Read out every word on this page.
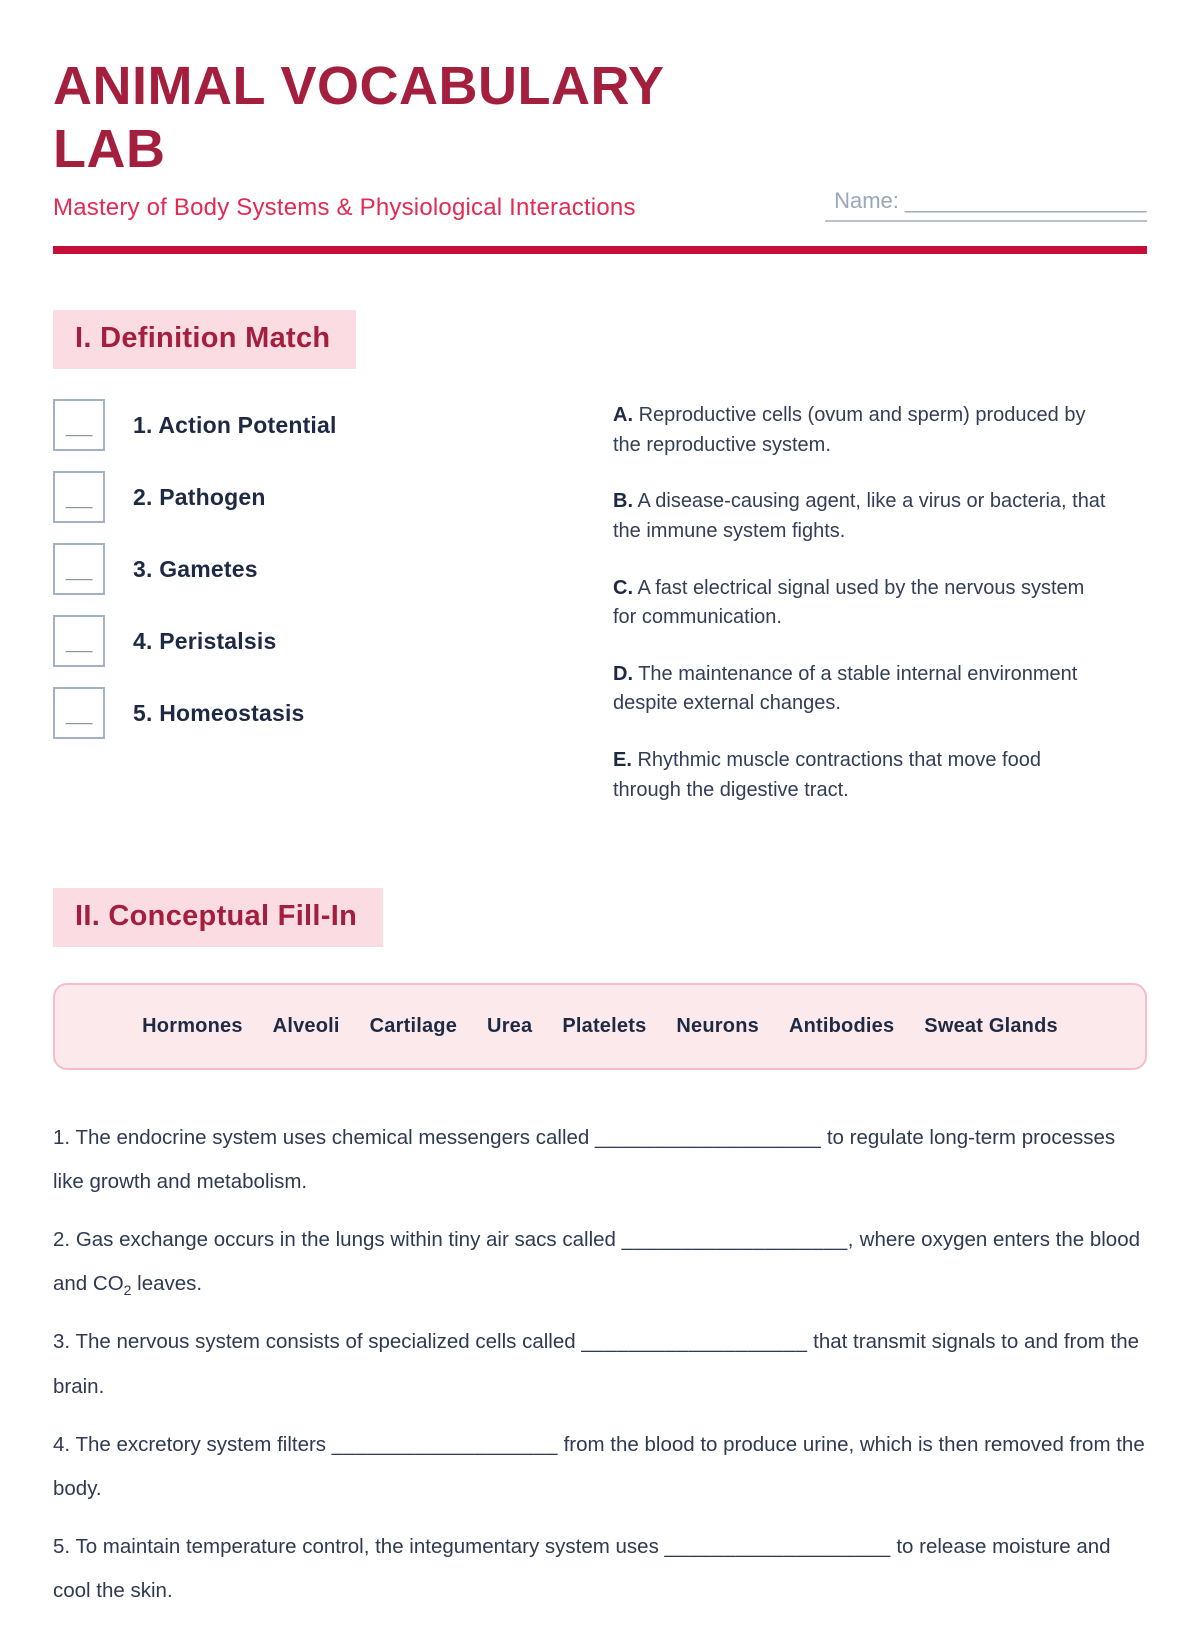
ANIMAL VOCABULARY
LAB
Mastery of Body Systems & Physiological Interactions	Name: ___________________
I. Definition Match
___ 1. Action Potential
___ 2. Pathogen
___ 3. Gametes
___ 4. Peristalsis
___ 5. Homeostasis

A. Reproductive cells (ovum and sperm) produced by the reproductive system.

B. A disease-causing agent, like a virus or bacteria, that the immune system fights.

C. A fast electrical signal used by the nervous system for communication.

D. The maintenance of a stable internal environment despite external changes.

E. Rhythmic muscle contractions that move food through the digestive tract.

II. Conceptual Fill-In
Hormones Alveoli Cartilage Urea Platelets Neurons Antibodies Sweat Glands

1. The endocrine system uses chemical messengers called ___________________ to regulate long-term processes like growth and metabolism.

2. Gas exchange occurs in the lungs within tiny air sacs called ___________________, where oxygen enters the blood and $CO_2$ leaves.

3. The nervous system consists of specialized cells called ___________________ that transmit signals to and from the brain.

4. The excretory system filters ___________________ from the blood to produce urine, which is then removed from the body.

5. To maintain temperature control, the integumentary system uses ___________________ to release moisture and cool the skin.
